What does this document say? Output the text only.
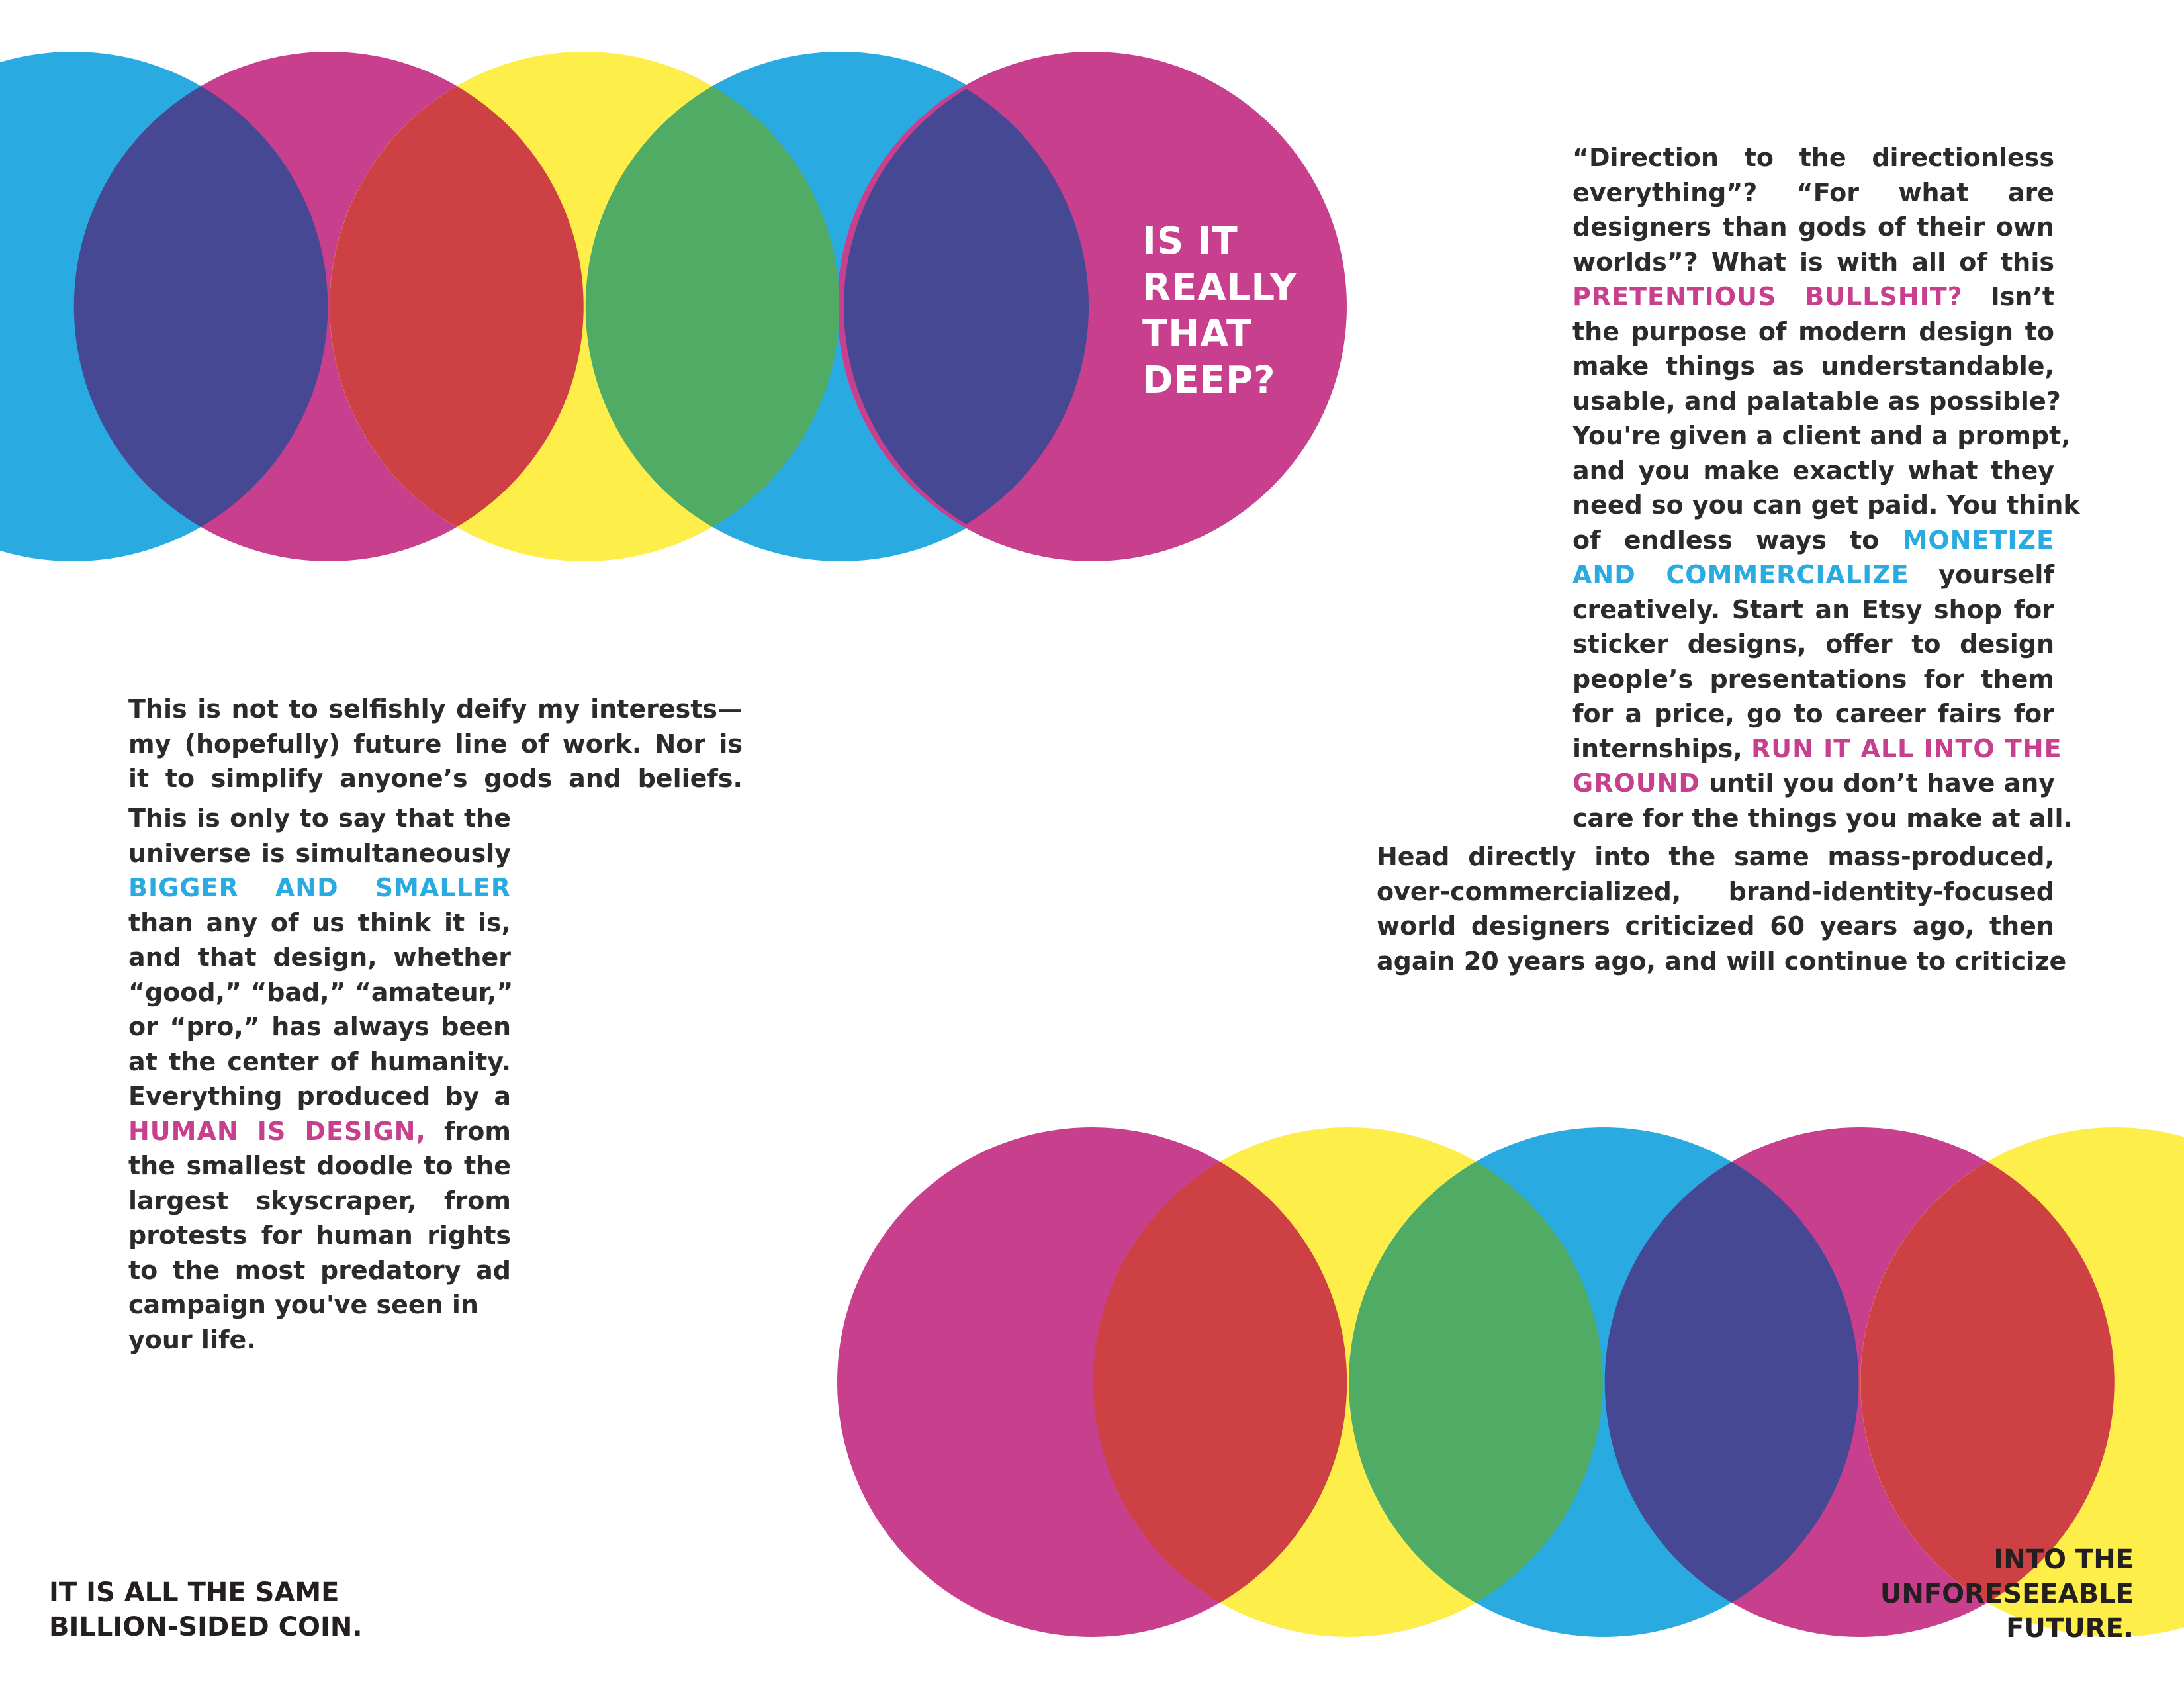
IS IT
REALLY
THAT
DEEP?
“Direction to the directionless
everything”? “For what are
designers than gods of their own
worlds”? What is with all of this
PRETENTIOUS BULLSHIT? Isn’t
the purpose of modern design to
make things as understandable,
usable, and palatable as possible?
You're given a client and a prompt,
and you make exactly what they
need so you can get paid. You think
of endless ways to MONETIZE
AND COMMERCIALIZE yourself
creatively. Start an Etsy shop for
sticker designs, offer to design
people’s presentations for them
for a price, go to career fairs for
internships, RUN IT ALL INTO THE
GROUND until you don’t have any
care for the things you make at all.
Head directly into the same mass-produced,
over-commercialized, brand-identity-focused
world designers criticized 60 years ago, then
again 20 years ago, and will continue to criticize
This is not to selfishly deify my interests—
my (hopefully) future line of work. Nor is
it to simplify anyone’s gods and beliefs.
This is only to say that the
universe is simultaneously
BIGGER AND SMALLER
than any of us think it is,
and that design, whether
“good,” “bad,” “amateur,”
or “pro,” has always been
at the center of humanity.
Everything produced by a
HUMAN IS DESIGN, from
the smallest doodle to the
largest skyscraper, from
protests for human rights
to the most predatory ad
campaign you've seen in
your life.
IT IS ALL THE SAME
BILLION-SIDED COIN.
INTO THE
UNFORESEEABLE
FUTURE.
